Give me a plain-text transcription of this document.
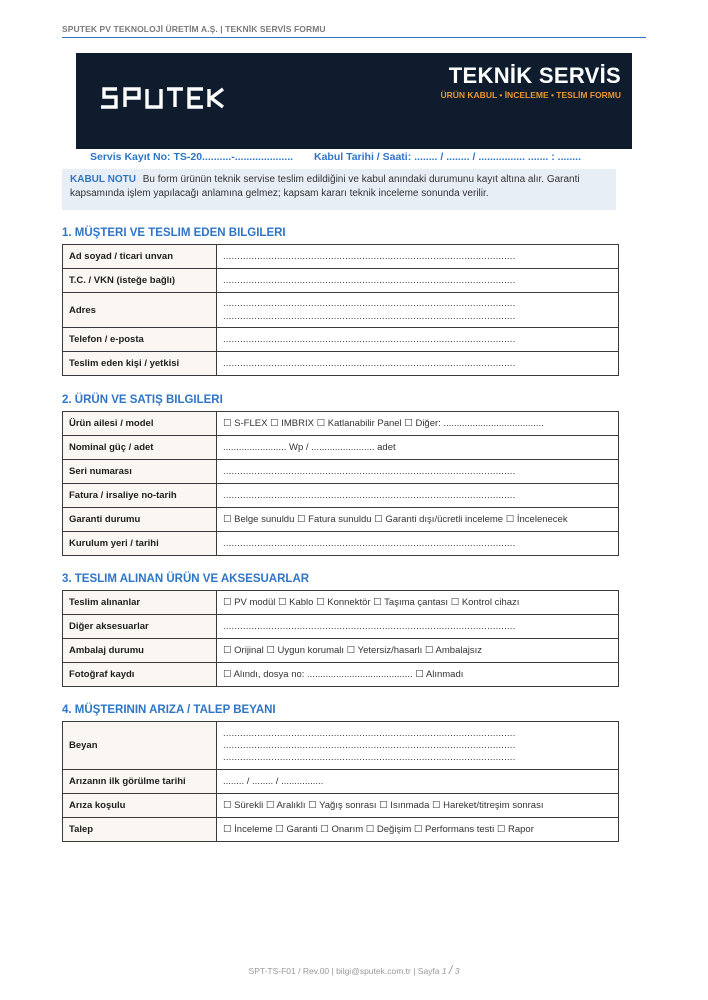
SPUTEK PV TEKNOLOJİ ÜRETİM A.Ş. | TEKNİK SERVİS FORMU
TEKNİK SERVİS
ÜRÜN KABUL • İNCELEME • TESLİM FORMU
Servis Kayıt No: TS-20..........-.................... Kabul Tarihi / Saati: ........ / ........ / ................ ....... : ........
KABUL NOTU Bu form ürünün teknik servise teslim edildiğini ve kabul anındaki durumunu kayıt altına alır. Garanti kapsamında işlem yapılacağı anlamına gelmez; kapsam kararı teknik inceleme sonunda verilir.
1. MÜŞTERI VE TESLIM EDEN BILGILERI
Ad soyad / ticari unvan	.......................................................................................................
T.C. / VKN (isteğe bağlı)	.......................................................................................................
Adres	.......................................................................................................
.......................................................................................................

Telefon / e-posta	.......................................................................................................
Teslim eden kişi / yetkisi	.......................................................................................................
2. ÜRÜN VE SATIŞ BILGILERI
Ürün ailesi / model	☐ S-FLEX ☐ IMBRIX ☐ Katlanabilir Panel ☐ Diğer: ......................................
Nominal güç / adet	........................ Wp / ........................ adet
Seri numarası	.......................................................................................................
Fatura / irsaliye no-tarih	.......................................................................................................
Garanti durumu	☐ Belge sunuldu ☐ Fatura sunuldu ☐ Garanti dışı/ücretli inceleme ☐ İncelenecek
Kurulum yeri / tarihi	.......................................................................................................
3. TESLIM ALINAN ÜRÜN VE AKSESUARLAR
Teslim alınanlar	☐ PV modül ☐ Kablo ☐ Konnektör ☐ Taşıma çantası ☐ Kontrol cihazı
Diğer aksesuarlar	.......................................................................................................
Ambalaj durumu	☐ Orijinal ☐ Uygun korumalı ☐ Yetersiz/hasarlı ☐ Ambalajsız
Fotoğraf kaydı	☐ Alındı, dosya no: ........................................ ☐ Alınmadı
4. MÜŞTERININ ARIZA / TALEP BEYANI
Beyan	.......................................................................................................
.......................................................................................................
.......................................................................................................

Arızanın ilk görülme tarihi	........ / ........ / ................
Arıza koşulu	☐ Sürekli ☐ Aralıklı ☐ Yağış sonrası ☐ Isınmada ☐ Hareket/titreşim sonrası
Talep	☐ İnceleme ☐ Garanti ☐ Onarım ☐ Değişim ☐ Performans testi ☐ Rapor
SPT-TS-F01 / Rev.00 | bilgi@sputek.com.tr | Sayfa 1 / 3
